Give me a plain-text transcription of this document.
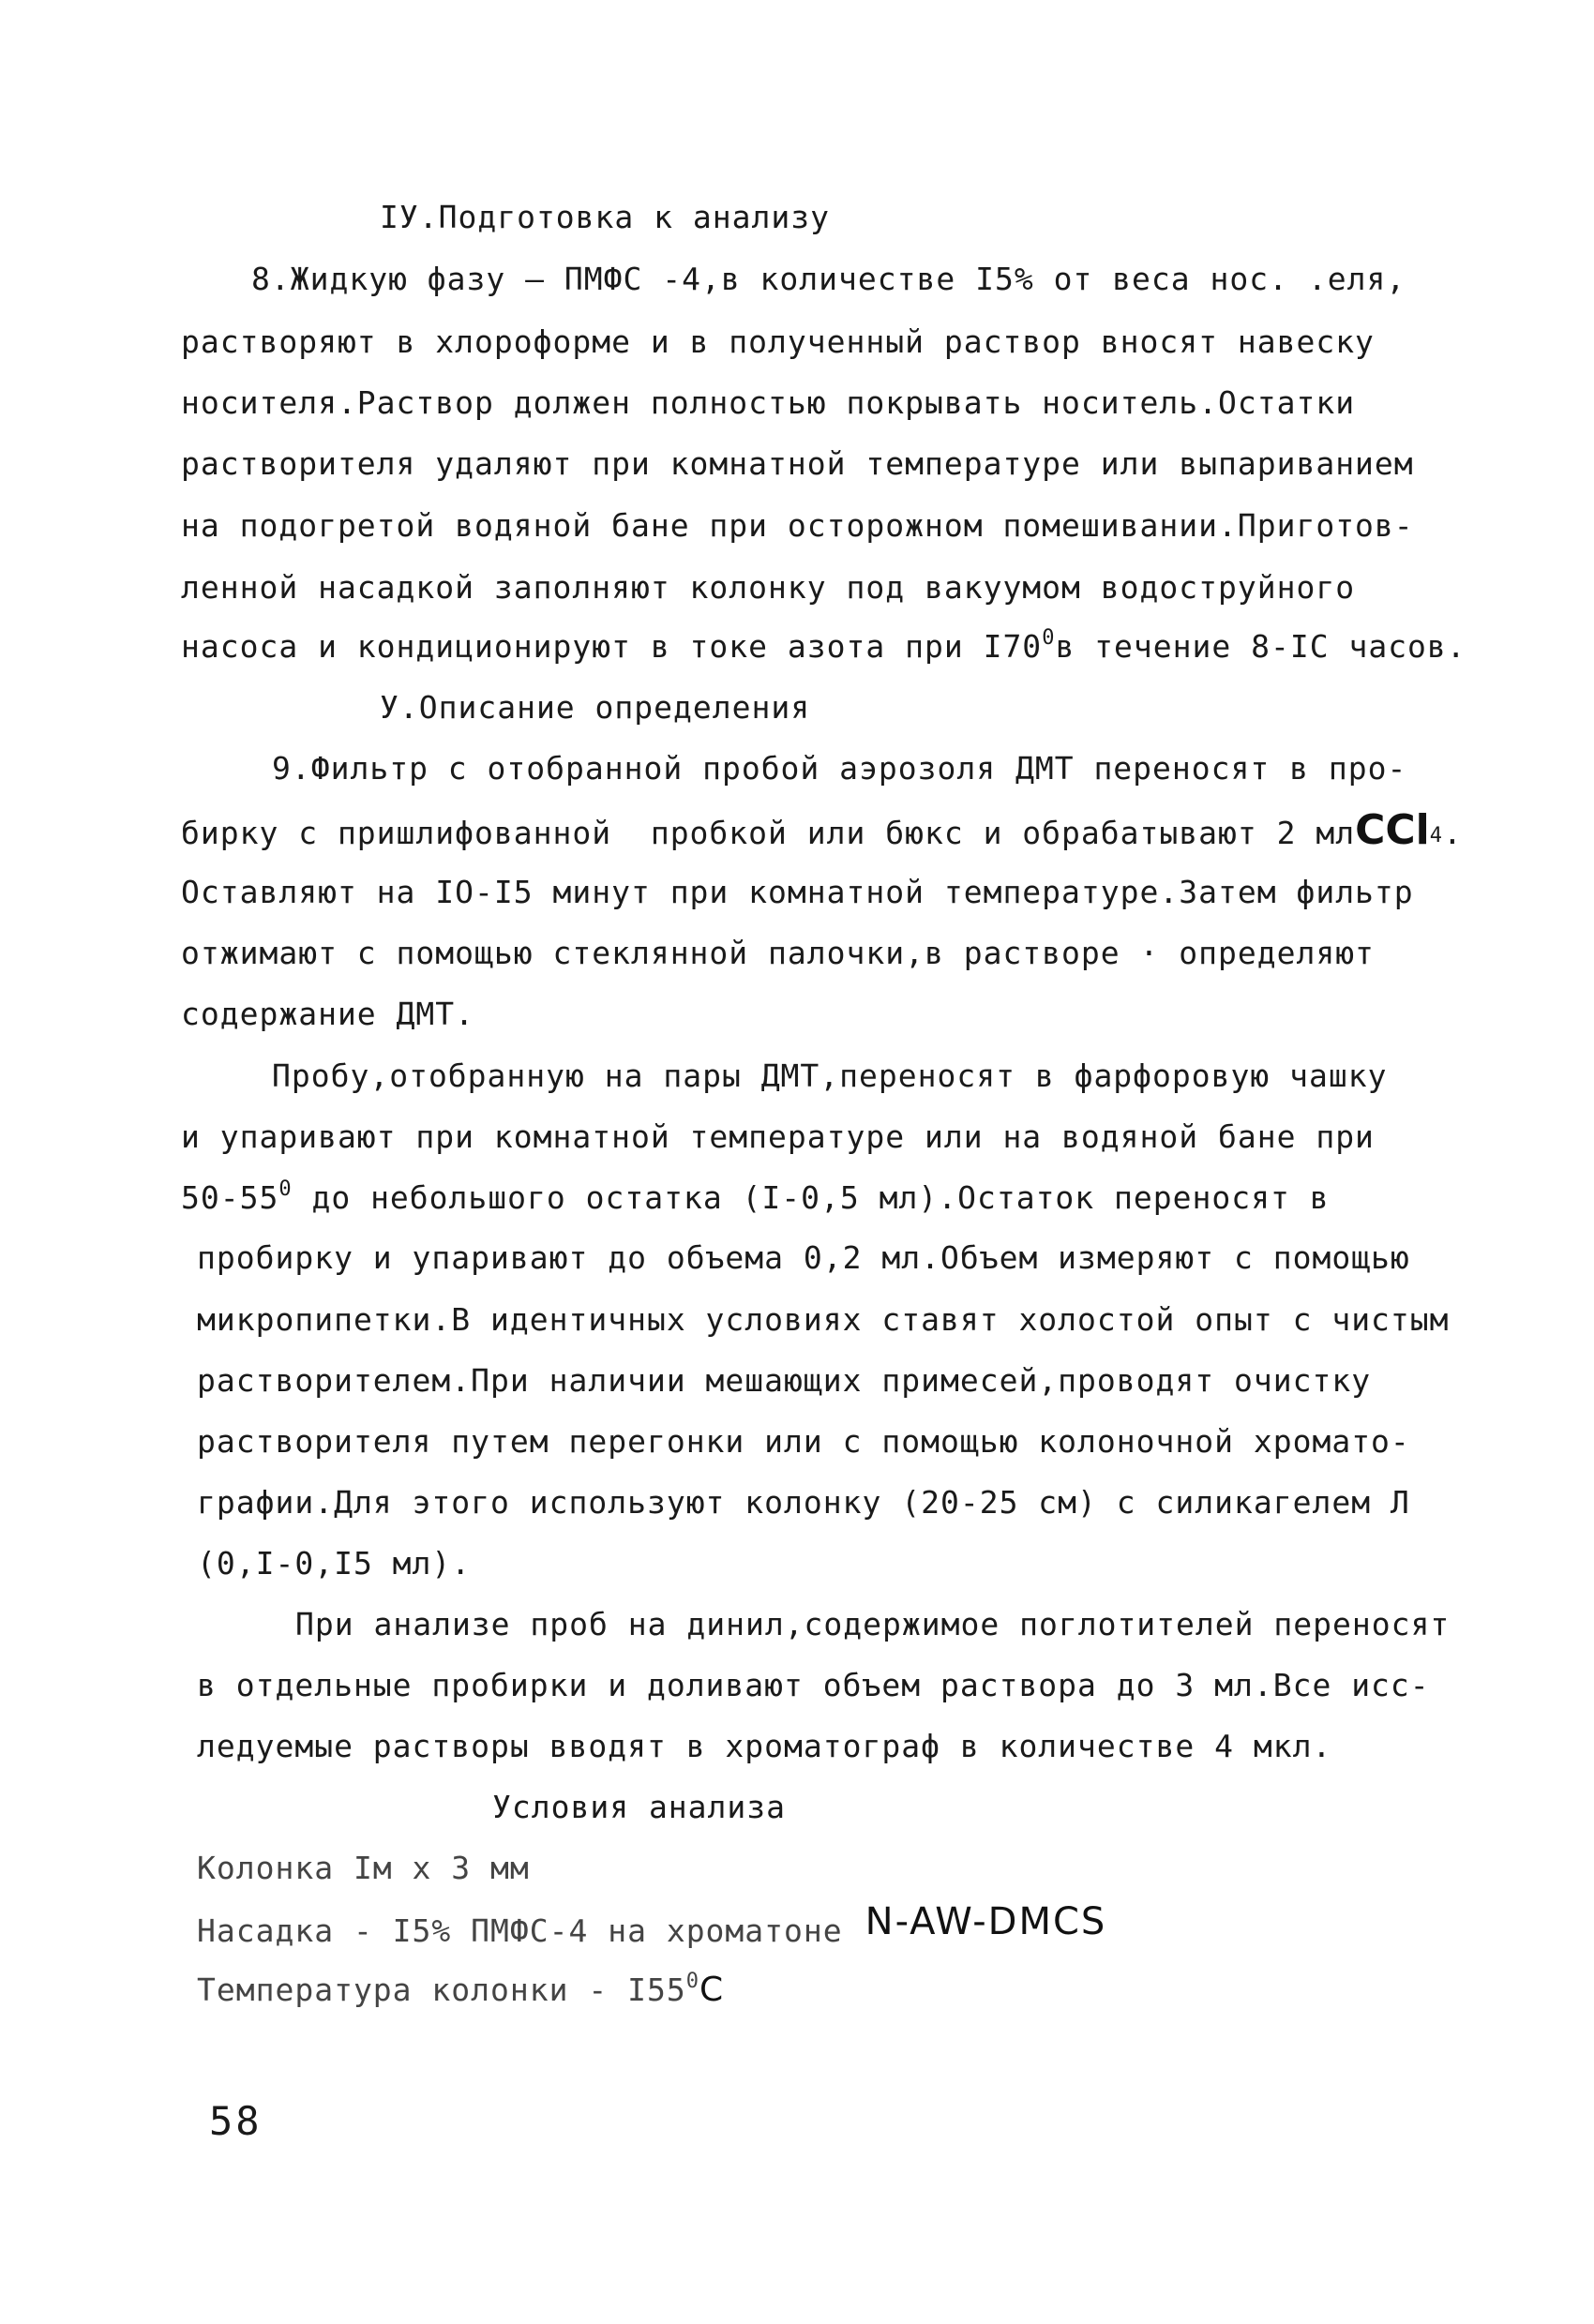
IУ.Подготовка к анализу
8.Жидкую фазу – ПМФС -4,в количестве I5% от веса нос. .еля,
растворяют в хлороформе и в полученный раствор вносят навеску
носителя.Раствор должен полностью покрывать носитель.Остатки
растворителя удаляют при комнатной температуре или выпариванием
на подогретой водяной бане при осторожном помешивании.Приготов-
ленной насадкой заполняют колонку под вакуумом водоструйного
насоса и кондиционируют в токе азота при $I70^0в$ течение 8-IС часов.
У.Описание определения
9.Фильтр с отобранной пробой аэрозоля ДМТ переносят в про-
бирку с пришлифованной  пробкой или бюкс и обрабатывают 2 млCCl4.
Оставляют на IO-I5 минут при комнатной температуре.Затем фильтр
отжимают с помощью стеклянной палочки,в растворе · определяют
содержание ДМТ.
Пробу,отобранную на пары ДМТ,переносят в фарфоровую чашку
и упаривают при комнатной температуре или на водяной бане при
$50-55^0$ до небольшого остатка (I-0,5 мл).Остаток переносят в
пробирку и упаривают до объема 0,2 мл.Объем измеряют с помощью
микропипетки.В идентичных условиях ставят холостой опыт с чистым
растворителем.При наличии мешающих примесей,проводят очистку
растворителя путем перегонки или с помощью колоночной хромато-
графии.Для этого используют колонку (20-25 см) с силикагелем Л
(0,I-0,I5 мл).
При анализе проб на динил,содержимое поглотителей переносят
в отдельные пробирки и доливают объем раствора до 3 мл.Все исс-
ледуемые растворы вводят в хроматограф в количестве 4 мкл.
Условия анализа
Колонка Iм x 3 мм
Насадка - I5% ПМФС-4 на хроматоне N-AW-DMCS
Температура колонки - $I55^0C$
58
